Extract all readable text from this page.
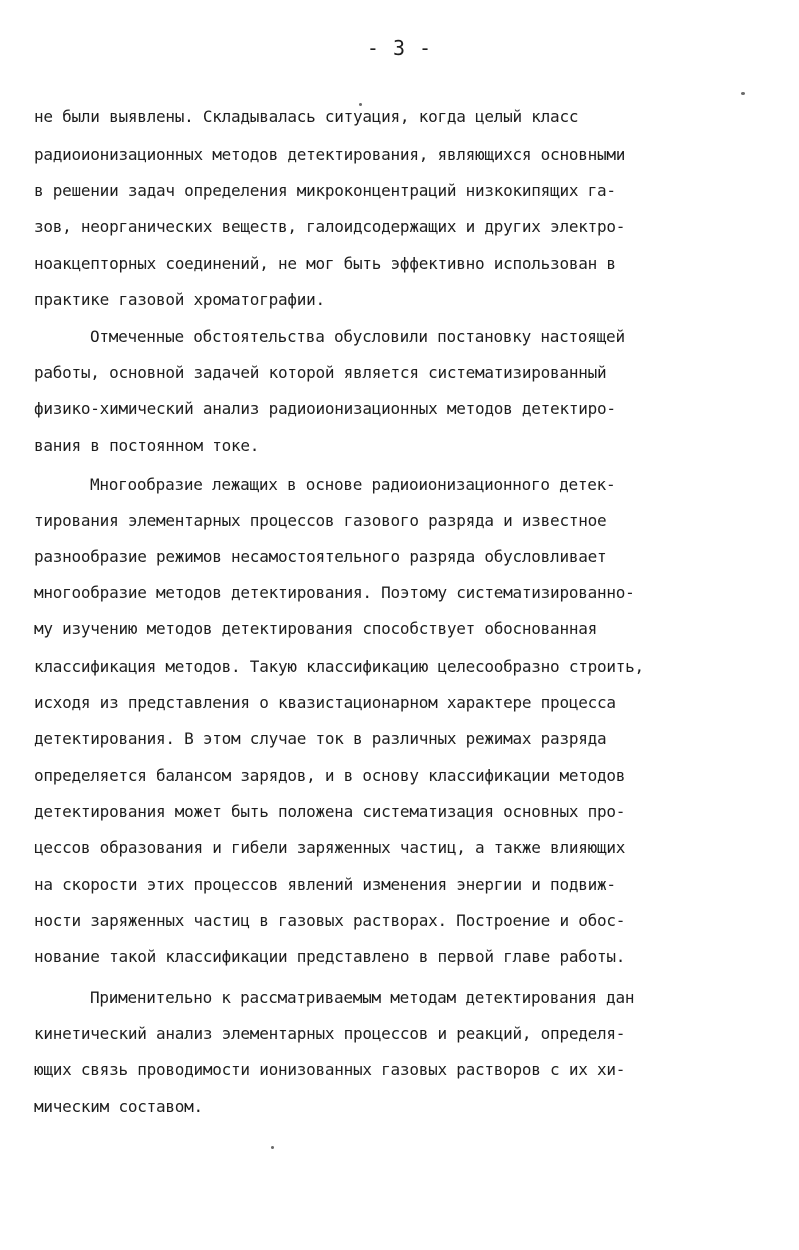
- 3 -
не были выявлены. Складывалась ситуация, когда целый класс
радиоионизационных методов детектирования, являющихся основными
в решении задач определения микроконцентраций низкокипящих га-
зов, неорганических веществ, галоидсодержащих и других электро-
ноакцепторных соединений, не мог быть эффективно использован в
практике газовой хроматографии.
Отмеченные обстоятельства обусловили постановку настоящей
работы, основной задачей которой является систематизированный
физико-химический анализ радиоионизационных методов детектиро-
вания в постоянном токе.
Многообразие лежащих в основе радиоионизационного детек-
тирования элементарных процессов газового разряда и известное
разнообразие режимов несамостоятельного разряда обусловливает
многообразие методов детектирования. Поэтому систематизированно-
му изучению методов детектирования способствует обоснованная
классификация методов. Такую классификацию целесообразно строить,
исходя из представления о квазистационарном характере процесса
детектирования. В этом случае ток в различных режимах разряда
определяется балансом зарядов, и в основу классификации методов
детектирования может быть положена систематизация основных про-
цессов образования и гибели заряженных частиц, а также влияющих
на скорости этих процессов явлений изменения энергии и подвиж-
ности заряженных частиц в газовых растворах. Построение и обос-
нование такой классификации представлено в первой главе работы.
Применительно к рассматриваемым методам детектирования дан
кинетический анализ элементарных процессов и реакций, определя-
ющих связь проводимости ионизованных газовых растворов с их хи-
мическим составом.
